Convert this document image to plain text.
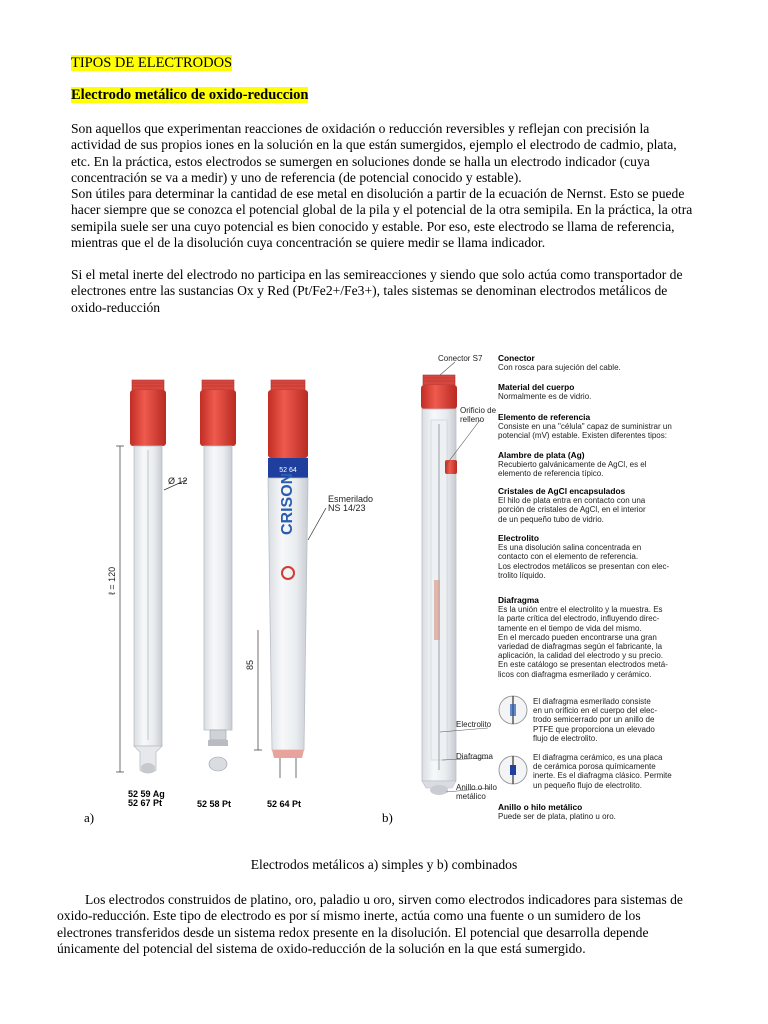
TIPOS DE ELECTRODOS
Electrodo metálico de oxido-reduccion
Son aquellos que experimentan reacciones de oxidación o reducción reversibles y reflejan con precisión la
actividad de sus propios iones en la solución en la que están sumergidos, ejemplo el electrodo de cadmio, plata,
etc. En la práctica, estos electrodos se sumergen en soluciones donde se halla un electrodo indicador (cuya
concentración se va a medir) y uno de referencia (de potencial conocido y estable).
Son útiles para determinar la cantidad de ese metal en disolución a partir de la ecuación de Nernst. Esto se puede
hacer siempre que se conozca el potencial global de la pila y el potencial de la otra semipila. En la práctica, la otra
semipila suele ser una cuyo potencial es bien conocido y estable. Por eso, este electrodo se llama de referencia,
mientras que el de la disolución cuya concentración se quiere medir se llama indicador.
Si el metal inerte del electrodo no participa en las semireacciones y siendo que solo actúa como transportador de
electrones entre las sustancias Ox y Red (Pt/Fe2+/Fe3+), tales sistemas se denominan electrodos metálicos de
oxido-reducción
52 64
CRISON
Ø 12
ℓ = 120
85
Esmerilado
NS 14/23
52 59 Ag
52 67 Pt	52 58 Pt	52 64 Pt
a)	b)
Conector S7
Orificio de
relleno
Electrolito
Diafragma
Anillo o hilo
metálico
Conector
Con rosca para sujeción del cable.
Material del cuerpo
Normalmente es de vidrio.
Elemento de referencia
Consiste en una "célula" capaz de suministrar un
potencial (mV) estable. Existen diferentes tipos:
Alambre de plata (Ag)
Recubierto galvánicamente de AgCl, es el
elemento de referencia típico.
Cristales de AgCl encapsulados
El hilo de plata entra en contacto con una
porción de cristales de AgCl, en el interior
de un pequeño tubo de vidrio.
Electrolito
Es una disolución salina concentrada en
contacto con el elemento de referencia.
Los electrodos metálicos se presentan con elec-
trolito líquido.
Diafragma
Es la unión entre el electrolito y la muestra. Es
la parte crítica del electrodo, influyendo direc-
tamente en el tiempo de vida del mismo.
En el mercado pueden encontrarse una gran
variedad de diafragmas según el fabricante, la
aplicación, la calidad del electrodo y su precio.
En este catálogo se presentan electrodos metá-
licos con diafragma esmerilado y cerámico.
El diafragma esmerilado consiste
en un orificio en el cuerpo del elec-
trodo semicerrado por un anillo de
PTFE que proporciona un elevado
flujo de electrolito.
El diafragma cerámico, es una placa
de cerámica porosa químicamente
inerte. Es el diafragma clásico. Permite
un pequeño flujo de electrolito.
Anillo o hilo metálico
Puede ser de plata, platino u oro.
Electrodos metálicos a) simples y b) combinados
Los electrodos construidos de platino, oro, paladio u oro, sirven como electrodos indicadores para sistemas de
oxido-reducción. Este tipo de electrodo es por sí mismo inerte, actúa como una fuente o un sumidero de los
electrones transferidos desde un sistema redox presente en la disolución. El potencial que desarrolla depende
únicamente del potencial del sistema de oxido-reducción de la solución en la que está sumergido.
